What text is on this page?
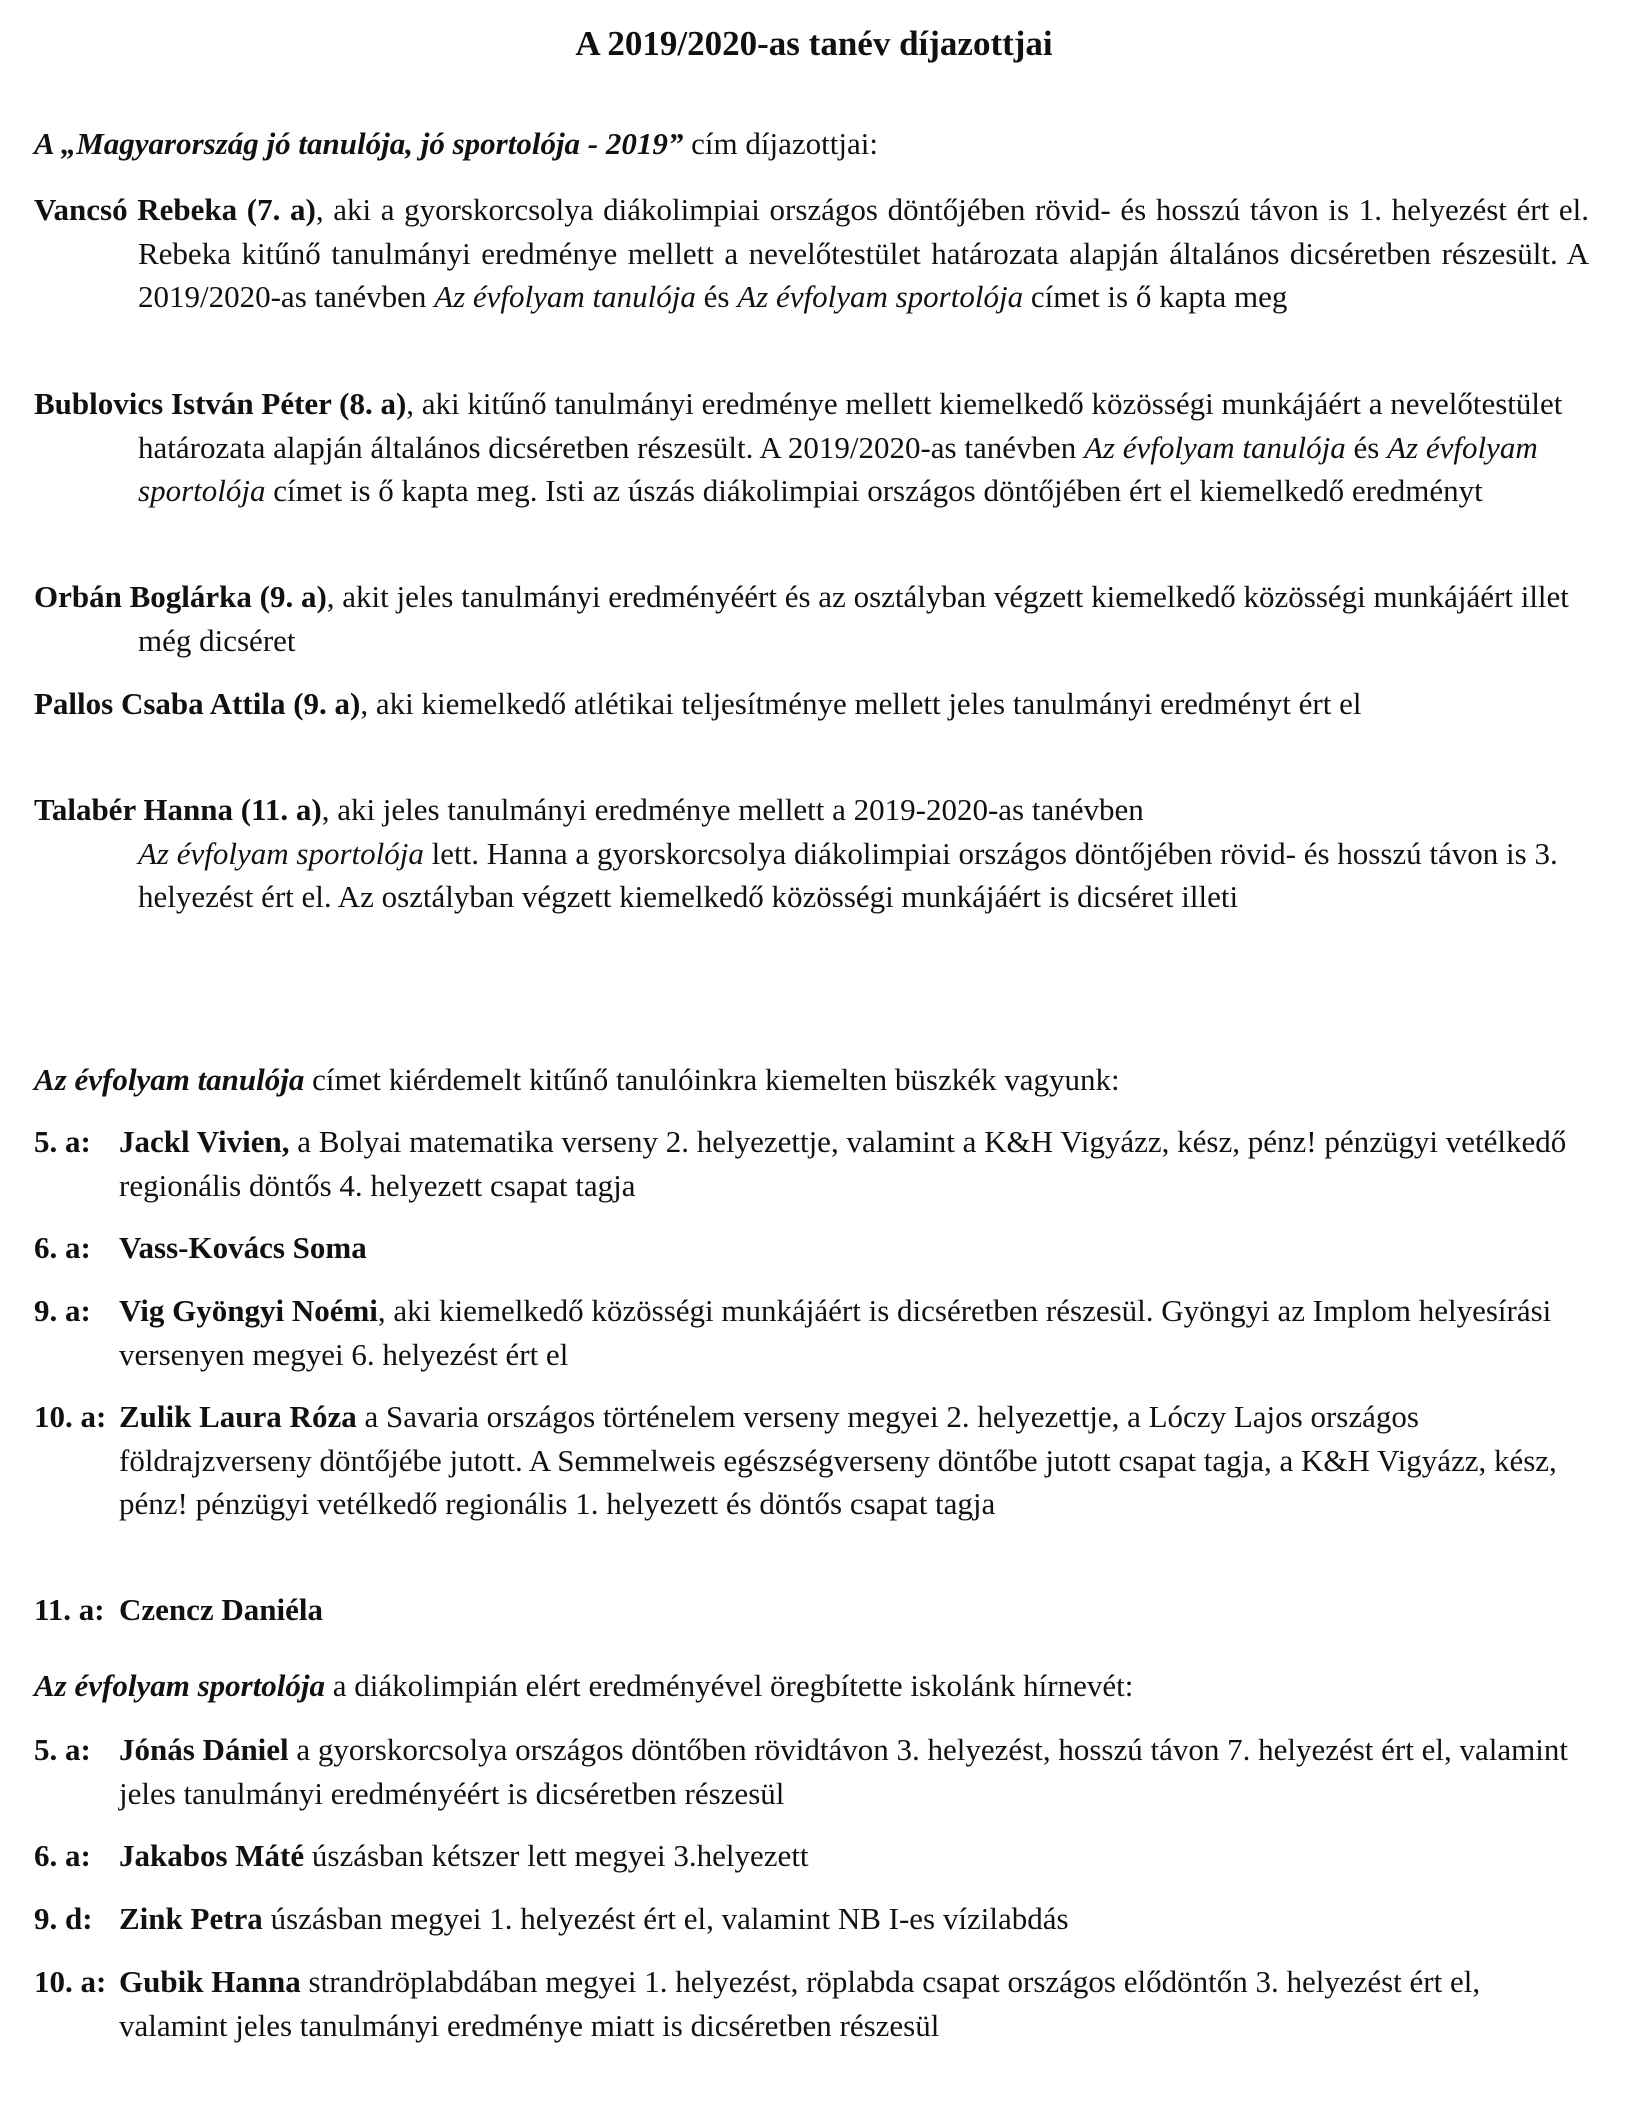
A 2019/2020-as tanév díjazottjai
A „Magyarország jó tanulója, jó sportolója - 2019” cím díjazottjai:
Vancsó Rebeka (7. a), aki a gyorskorcsolya diákolimpiai országos döntőjében rövid- és hosszú távon is 1. helyezést ért el. Rebeka kitűnő tanulmányi eredménye mellett a nevelőtestület határozata alapján általános dicséretben részesült. A 2019/2020-as tanévben Az évfolyam tanulója és Az évfolyam sportolója címet is ő kapta meg
Bublovics István Péter (8. a), aki kitűnő tanulmányi eredménye mellett kiemelkedő közösségi munkájáért a nevelőtestület határozata alapján általános dicséretben részesült. A 2019/2020-as tanévben Az évfolyam tanulója és Az évfolyam sportolója címet is ő kapta meg. Isti az úszás diákolimpiai országos döntőjében ért el kiemelkedő eredményt
Orbán Boglárka (9. a), akit jeles tanulmányi eredményéért és az osztályban végzett kiemelkedő közösségi munkájáért illet még dicséret
Pallos Csaba Attila (9. a), aki kiemelkedő atlétikai teljesítménye mellett jeles tanulmányi eredményt ért el
Talabér Hanna (11. a), aki jeles tanulmányi eredménye mellett a 2019-2020-as tanévben
Az évfolyam sportolója lett. Hanna a gyorskorcsolya diákolimpiai országos döntőjében rövid- és hosszú távon is 3. helyezést ért el. Az osztályban végzett kiemelkedő közösségi munkájáért is dicséret illeti
Az évfolyam tanulója címet kiérdemelt kitűnő tanulóinkra kiemelten büszkék vagyunk:
5. a: Jackl Vivien, a Bolyai matematika verseny 2. helyezettje, valamint a K&H Vigyázz, kész, pénz! pénzügyi vetélkedő regionális döntős 4. helyezett csapat tagja
6. a: Vass-Kovács Soma
9. a: Vig Gyöngyi Noémi, aki kiemelkedő közösségi munkájáért is dicséretben részesül. Gyöngyi az Implom helyesírási versenyen megyei 6. helyezést ért el
10. a: Zulik Laura Róza a Savaria országos történelem verseny megyei 2. helyezettje, a Lóczy Lajos országos földrajzverseny döntőjébe jutott. A Semmelweis egészségverseny döntőbe jutott csapat tagja, a K&H Vigyázz, kész, pénz! pénzügyi vetélkedő regionális 1. helyezett és döntős csapat tagja
11. a: Czencz Daniéla
Az évfolyam sportolója a diákolimpián elért eredményével öregbítette iskolánk hírnevét:
5. a: Jónás Dániel a gyorskorcsolya országos döntőben rövidtávon 3. helyezést, hosszú távon 7. helyezést ért el, valamint jeles tanulmányi eredményéért is dicséretben részesül
6. a: Jakabos Máté úszásban kétszer lett megyei 3.helyezett
9. d: Zink Petra úszásban megyei 1. helyezést ért el, valamint NB I-es vízilabdás
10. a: Gubik Hanna strandröplabdában megyei 1. helyezést, röplabda csapat országos elődöntőn 3. helyezést ért el, valamint jeles tanulmányi eredménye miatt is dicséretben részesül
